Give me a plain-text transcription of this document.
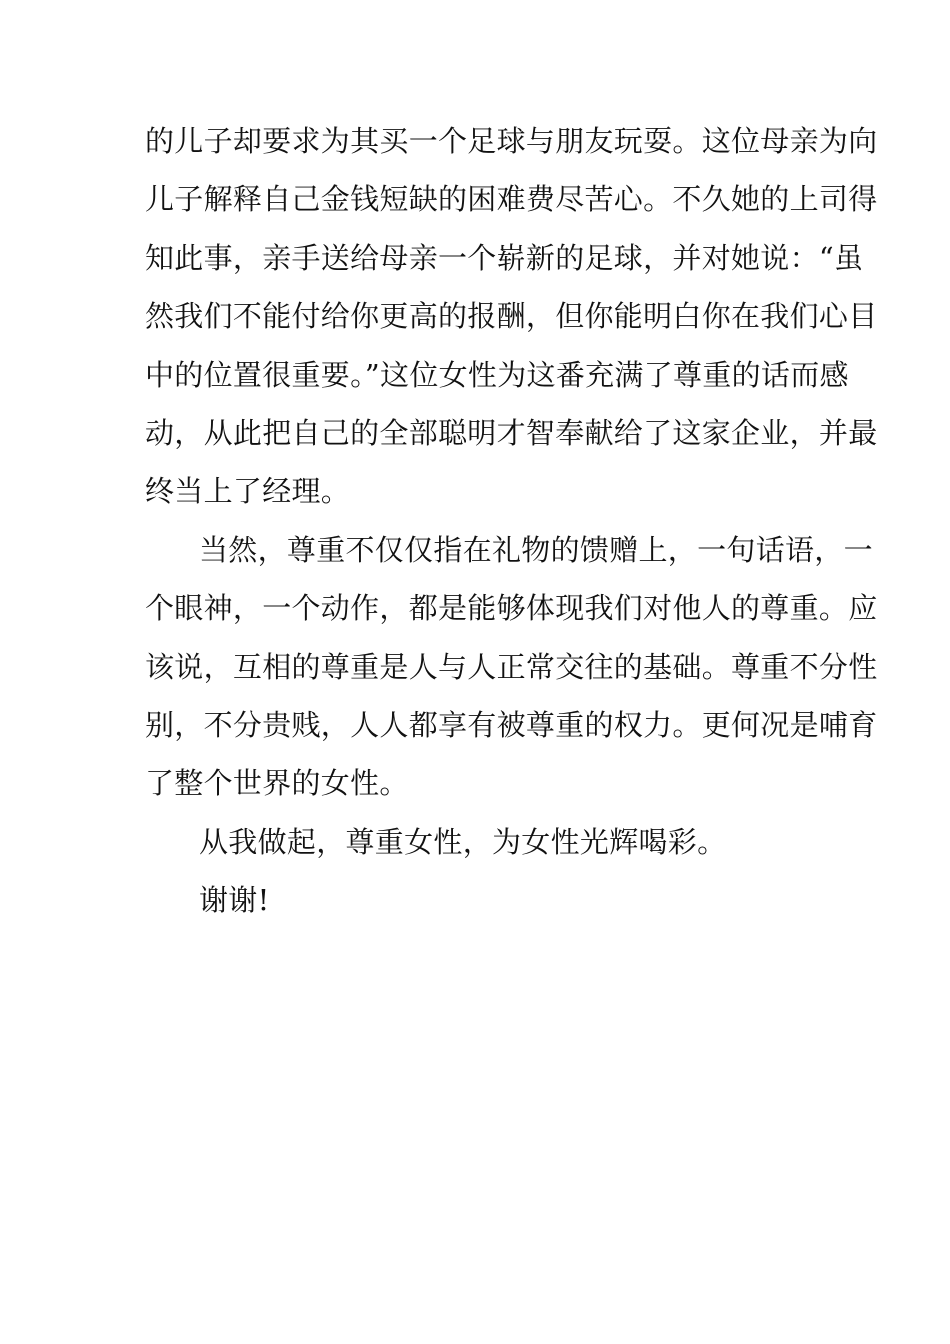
的儿子却要求为其买一个足球与朋友玩耍。这位母亲为向
儿子解释自己金钱短缺的困难费尽苦心。不久她的上司得
知此事，亲手送给母亲一个崭新的足球，并对她说：“虽
然我们不能付给你更高的报酬，但你能明白你在我们心目
中的位置很重要。”这位女性为这番充满了尊重的话而感
动，从此把自己的全部聪明才智奉献给了这家企业，并最
终当上了经理。
当然，尊重不仅仅指在礼物的馈赠上，一句话语，一
个眼神，一个动作，都是能够体现我们对他人的尊重。应
该说，互相的尊重是人与人正常交往的基础。尊重不分性
别，不分贵贱，人人都享有被尊重的权力。更何况是哺育
了整个世界的女性。
从我做起，尊重女性，为女性光辉喝彩。
谢谢!
